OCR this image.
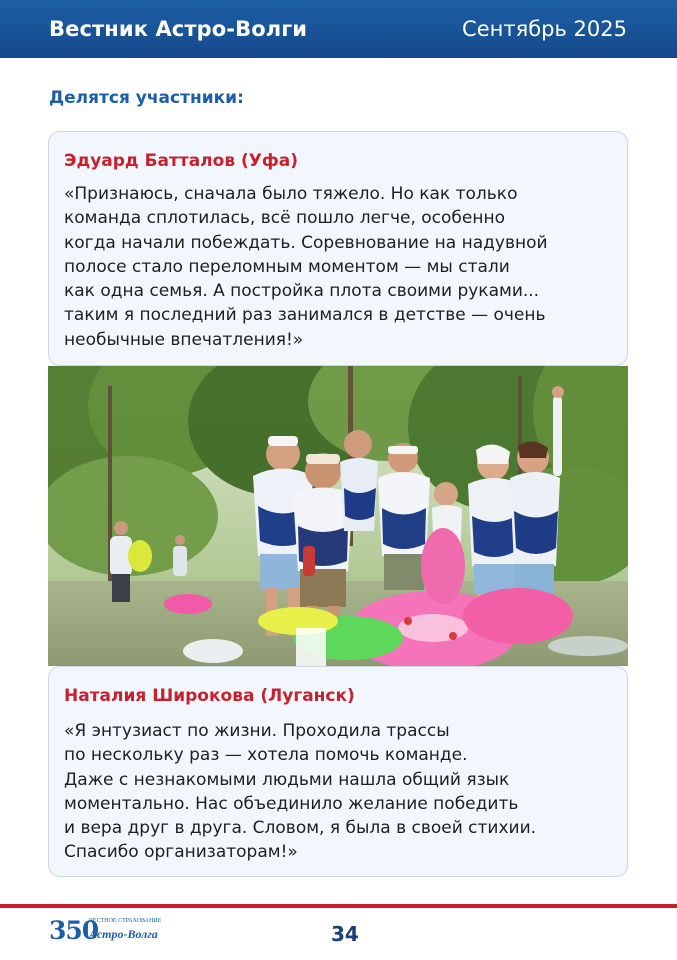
Вестник Астро-Волги	Сентябрь 2025
Делятся участники:
Эдуард Батталов (Уфа)

«Признаюсь, сначала было тяжело. Но как только
команда сплотилась, всё пошло легче, особенно
когда начали побеждать. Соревнование на надувной
полосе стало переломным моментом — мы стали
как одна семья. А постройка плота своими руками...
таким я последний раз занимался в детстве — очень
необычные впечатления!»

Наталия Широкова (Луганск)

«Я энтузиаст по жизни. Проходила трассы
по нескольку раз — хотела помочь команде.
Даже с незнакомыми людьми нашла общий язык
моментально. Нас объединило желание победить
и вера друг в друга. Словом, я была в своей стихии.
Спасибо организаторам!»

350
ЧЕСТНОЕ СТРАХОВАНИЕ
Астро-Волга	34
